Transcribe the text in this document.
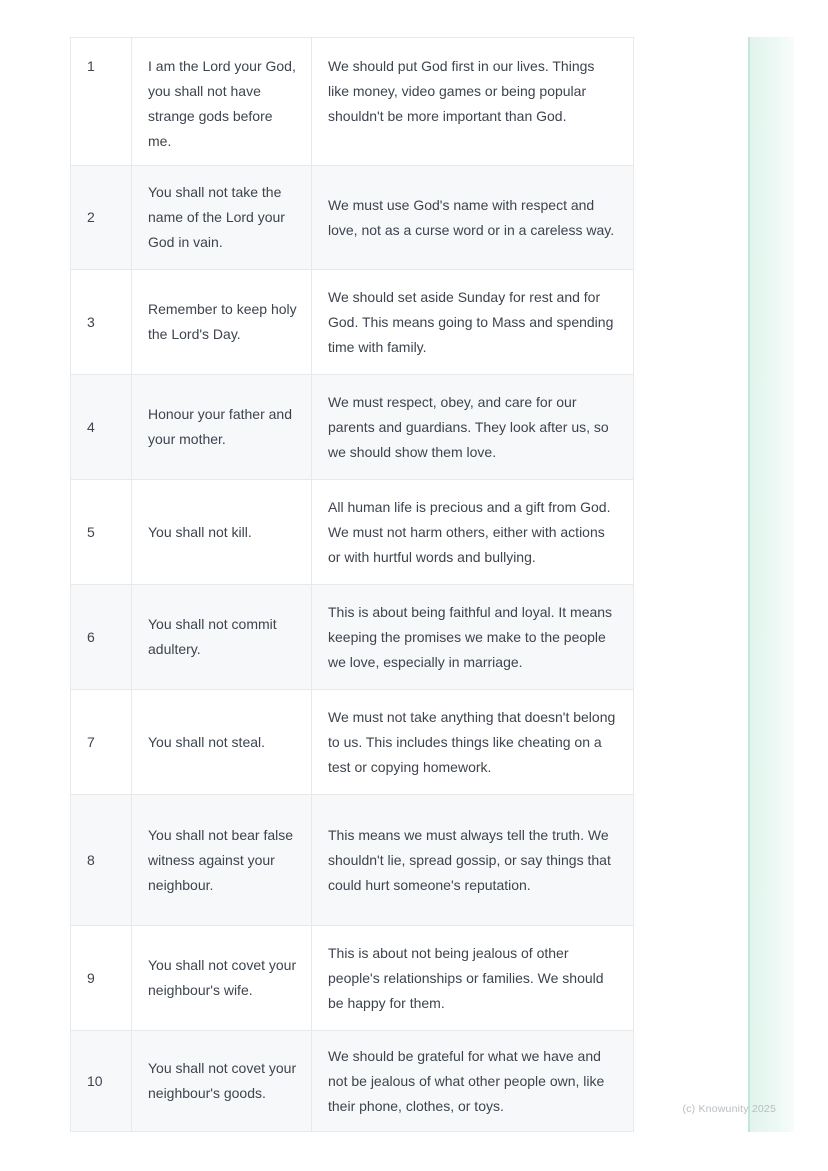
(c) Knowunity 2025
1	I am the Lord your God, you shall not have strange gods before me.	We should put God first in our lives. Things like money, video games or being popular shouldn't be more important than God.
2	You shall not take the name of the Lord your God in vain.	We must use God's name with respect and love, not as a curse word or in a careless way.
3	Remember to keep holy the Lord's Day.	We should set aside Sunday for rest and for God. This means going to Mass and spending time with family.
4	Honour your father and your mother.	We must respect, obey, and care for our parents and guardians. They look after us, so we should show them love.
5	You shall not kill.	All human life is precious and a gift from God. We must not harm others, either with actions or with hurtful words and bullying.
6	You shall not commit adultery.	This is about being faithful and loyal. It means keeping the promises we make to the people we love, especially in marriage.
7	You shall not steal.	We must not take anything that doesn't belong to us. This includes things like cheating on a test or copying homework.
8	You shall not bear false witness against your neighbour.	This means we must always tell the truth. We shouldn't lie, spread gossip, or say things that could hurt someone's reputation.
9	You shall not covet your neighbour's wife.	This is about not being jealous of other people's relationships or families. We should be happy for them.
10	You shall not covet your neighbour's goods.	We should be grateful for what we have and not be jealous of what other people own, like their phone, clothes, or toys.
